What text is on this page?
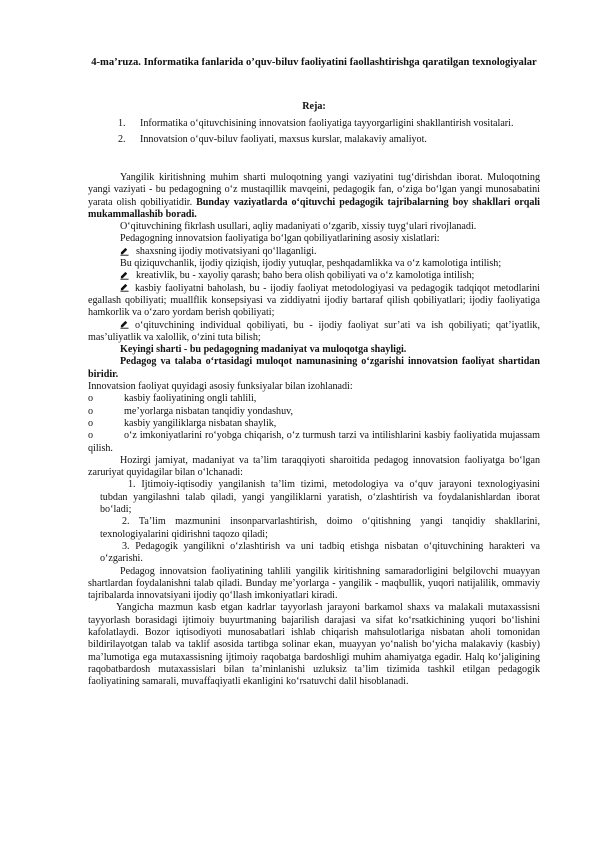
4-ma’ruza. Informatika fanlarida o’quv-biluv faoliyatini faollashtirishga qaratilgan texnologiyalar
Reja:
1. Informatika o‘qituvchisining innovatsion faoliyatiga tayyorgarligini shakllantirish vositalari.
2. Innovatsion o‘quv-biluv faoliyati, maxsus kurslar, malakaviy amaliyot.

Yangilik kiritishning muhim sharti muloqotning yangi vaziyatini tug‘dirishdan iborat. Muloqotning yangi vaziyati - bu pedagogning o‘z mustaqillik mavqeini, pedagogik fan, o‘ziga bo‘lgan yangi munosabatini yarata olish qobiliyatidir. Bunday vaziyatlarda o‘qituvchi pedagogik tajribalarning boy shakllari orqali mukammallashib boradi.

O‘qituvchining fikrlash usullari, aqliy madaniyati o‘zgarib, xissiy tuyg‘ulari rivojlanadi.

Pedagogning innovatsion faoliyatiga bo‘lgan qobiliyatlarining asosiy xislatlari:

shaxsning ijodiy motivatsiyani qo‘llaganligi.

Bu qiziquvchanlik, ijodiy qiziqish, ijodiy yutuqlar, peshqadamlikka va o‘z kamolotiga intilish;

kreativlik, bu - xayoliy qarash; baho bera olish qobiliyati va o‘z kamolotiga intilish;

kasbiy faoliyatni baholash, bu - ijodiy faoliyat metodologiyasi va pedagogik tadqiqot metodlarini egallash qobiliyati; muallflik konsepsiyasi va ziddiyatni ijodiy bartaraf qilish qobiliyatlari; ijodiy faoliyatiga hamkorlik va o‘zaro yordam berish qobiliyati;

o‘qituvchining individual qobiliyati, bu - ijodiy faoliyat sur’ati va ish qobiliyati; qat’iyatlik, mas’uliyatlik va xalollik, o‘zini tuta bilish;

Keyingi sharti - bu pedagogning madaniyat va muloqotga shayligi.

Pedagog va talaba o‘rtasidagi muloqot namunasining o‘zgarishi innovatsion faoliyat shartidan biridir.

Innovatsion faoliyat quyidagi asosiy funksiyalar bilan izohlanadi:

o	kasbiy faoliyatining ongli tahlili,

o	me’yorlarga nisbatan tanqidiy yondashuv,

o	kasbiy yangiliklarga nisbatan shaylik,

o	o‘z imkoniyatlarini ro‘yobga chiqarish, o‘z turmush tarzi va intilishlarini kasbiy faoliyatida mujassam qilish.

Hozirgi jamiyat, madaniyat va ta’lim taraqqiyoti sharoitida pedagog innovatsion faoliyatga bo‘lgan zaruriyat quyidagilar bilan o‘lchanadi:

1. Ijtimoiy-iqtisodiy yangilanish ta’lim tizimi, metodologiya va o‘quv jarayoni texnologiyasini tubdan yangilashni talab qiladi, yangi yangiliklarni yaratish, o‘zlashtirish va foydalanishlardan iborat bo‘ladi;

2. Ta’lim mazmunini insonparvarlashtirish, doimo o‘qitishning yangi tanqidiy shakllarini, texnologiyalarini qidirishni taqozo qiladi;

3. Pedagogik yangilikni o‘zlashtirish va uni tadbiq etishga nisbatan o‘qituvchining harakteri va o‘zgarishi.

Pedagog innovatsion faoliyatining tahlili yangilik kiritishning samaradorligini belgilovchi muayyan shartlardan foydalanishni talab qiladi. Bunday me’yorlarga - yangilik - maqbullik, yuqori natijalilik, ommaviy tajribalarda innovatsiyani ijodiy qo‘llash imkoniyatlari kiradi.

Yangicha mazmun kasb etgan kadrlar tayyorlash jarayoni barkamol shaxs va malakali mutaxassisni tayyorlash borasidagi ijtimoiy buyurtmaning bajarilish darajasi va sifat ko‘rsatkichining yuqori bo‘lishini kafolatlaydi. Bozor iqtisodiyoti munosabatlari ishlab chiqarish mahsulotlariga nisbatan aholi tomonidan bildirilayotgan talab va taklif asosida tartibga solinar ekan, muayyan yo‘nalish bo‘yicha malakaviy (kasbiy) ma’lumotiga ega mutaxassisning ijtimoiy raqobatga bardoshligi muhim ahamiyatga egadir. Halq ko‘jaligining raqobatbardosh mutaxassislari bilan ta’minlanishi uzluksiz ta’lim tizimida tashkil etilgan pedagogik faoliyatining samarali, muvaffaqiyatli ekanligini ko‘rsatuvchi dalil hisoblanadi.
